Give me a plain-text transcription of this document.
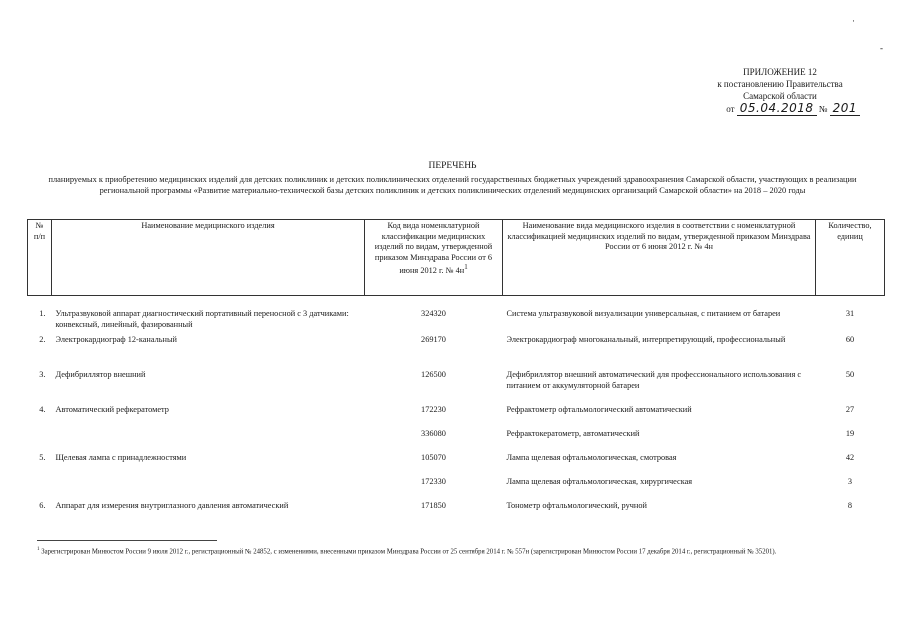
·
-
ПРИЛОЖЕНИЕ 12
к постановлению Правительства
Самарской области
от 05.04.2018 № 201
ПЕРЕЧЕНЬ
планируемых к приобретению медицинских изделий для детских поликлиник и детских поликлинических отделений государственных бюджетных учреждений здравоохранения Самарской области, участвующих в реализации региональной программы «Развитие материально-технической базы детских поликлиник и детских поликлинических отделений медицинских организаций Самарской области» на 2018 – 2020 годы
№ п/п	Наименование медицинского изделия	Код вида номенклатурной классификации медицинских изделий по видам, утвержденной приказом Минздрава России от 6 июня 2012 г. № $4н^1$	Наименование вида медицинского изделия в соответствии с номенклатурной классификацией медицинских изделий по видам, утвержденной приказом Минздрава России от 6 июня 2012 г. № 4н	Количество, единиц

1.	Ультразвуковой аппарат диагностический портативный переносной с 3 датчиками: конвексный, линейный, фазированный	324320	Система ультразвуковой визуализации универсальная, с питанием от батареи	31
2.	Электрокардиограф 12-канальный	269170	Электрокардиограф многоканальный, интерпретирующий, профессиональный	60
3.	Дефибриллятор внешний	126500	Дефибриллятор внешний автоматический для профессионального использования с питанием от аккумуляторной батареи	50
4.	Автоматический рефкератометр	172230	Рефрактометр офтальмологический автоматический	27
		336080	Рефрактокератометр, автоматический	19
5.	Щелевая лампа с принадлежностями	105070	Лампа щелевая офтальмологическая, смотровая	42
		172330	Лампа щелевая офтальмологическая, хирургическая	3
6.	Аппарат для измерения внутриглазного давления автоматический	171850	Тонометр офтальмологический, ручной	8
$^1$ Зарегистрирован Минюстом России 9 июля 2012 г., регистрационный № 24852, с изменениями, внесенными приказом Минздрава России от 25 сентября 2014 г. № 557н (зарегистрирован Минюстом России 17 декабря 2014 г., регистрационный № 35201).
